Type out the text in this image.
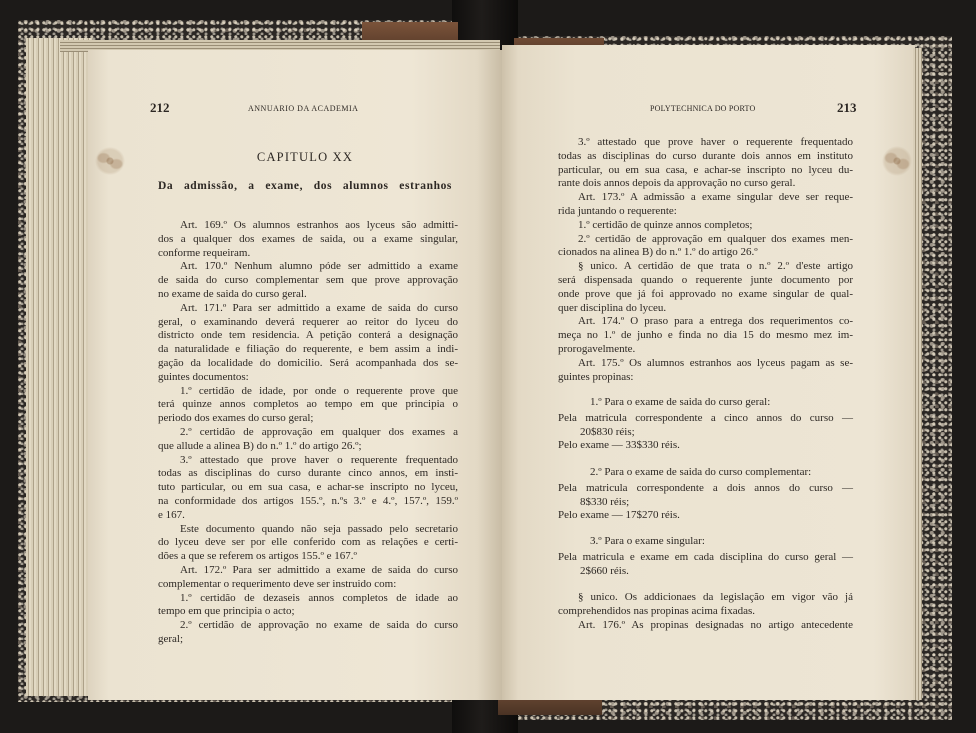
212	ANNUARIO DA ACADEMIA
CAPITULO XX
Da admissão, a exame, dos alumnos estranhos
Art. 169.º Os alumnos estranhos aos lyceus são admitti-
dos a qualquer dos exames de saida, ou a exame singular,
conforme requeiram.
Art. 170.º Nenhum alumno póde ser admittido a exame
de saida do curso complementar sem que prove approvação
no exame de saida do curso geral.
Art. 171.º Para ser admittido a exame de saida do curso
geral, o examinando deverá requerer ao reitor do lyceu do
districto onde tem residencia. A petição conterá a designação
da naturalidade e filiação do requerente, e bem assim a indi-
gação da localidade do domicilio. Será acompanhada dos se-
guintes documentos:
1.º certidão de idade, por onde o requerente prove que
terá quinze annos completos ao tempo em que principia o
periodo dos exames do curso geral;
2.º certidão de approvação em qualquer dos exames a
que allude a alinea B) do n.º 1.º do artigo 26.º;
3.º attestado que prove haver o requerente frequentado
todas as disciplinas do curso durante cinco annos, em insti-
tuto particular, ou em sua casa, e achar-se inscripto no lyceu,
na conformidade dos artigos 155.º, n.ºs 3.º e 4.º, 157.º, 159.º
e 167.
Este documento quando não seja passado pelo secretario
do lyceu deve ser por elle conferido com as relações e certi-
dões a que se referem os artigos 155.º e 167.º
Art. 172.º Para ser admittido a exame de saida do curso
complementar o requerimento deve ser instruido com:
1.º certidão de dezaseis annos completos de idade ao
tempo em que principia o acto;
2.º certidão de approvação no exame de saida do curso
geral;
POLYTECHNICA DO PORTO	213
3.º attestado que prove haver o requerente frequentado
todas as disciplinas do curso durante dois annos em instituto
particular, ou em sua casa, e achar-se inscripto no lyceu du-
rante dois annos depois da approvação no curso geral.
Art. 173.º A admissão a exame singular deve ser reque-
rida juntando o requerente:
1.º certidão de quinze annos completos;
2.º certidão de approvação em qualquer dos exames men-
cionados na alinea B) do n.º 1.º do artigo 26.º
§ unico. A certidão de que trata o n.º 2.º d'este artigo
será dispensada quando o requerente junte documento por
onde prove que já foi approvado no exame singular de qual-
quer disciplina do lyceu.
Art. 174.º O praso para a entrega dos requerimentos co-
meça no 1.º de junho e finda no dia 15 do mesmo mez im-
prorogavelmente.
Art. 175.º Os alumnos estranhos aos lyceus pagam as se-
guintes propinas:
1.º Para o exame de saida do curso geral:
Pela matricula correspondente a cinco annos do curso —
20$830 réis;
Pelo exame — 33$330 réis.
2.º Para o exame de saida do curso complementar:
Pela matricula correspondente a dois annos do curso —
8$330 réis;
Pelo exame — 17$270 réis.
3.º Para o exame singular:
Pela matricula e exame em cada disciplina do curso geral —
2$660 réis.
§ unico. Os addicionaes da legislação em vigor vão já
comprehendidos nas propinas acima fixadas.
Art. 176.º As propinas designadas no artigo antecedente
